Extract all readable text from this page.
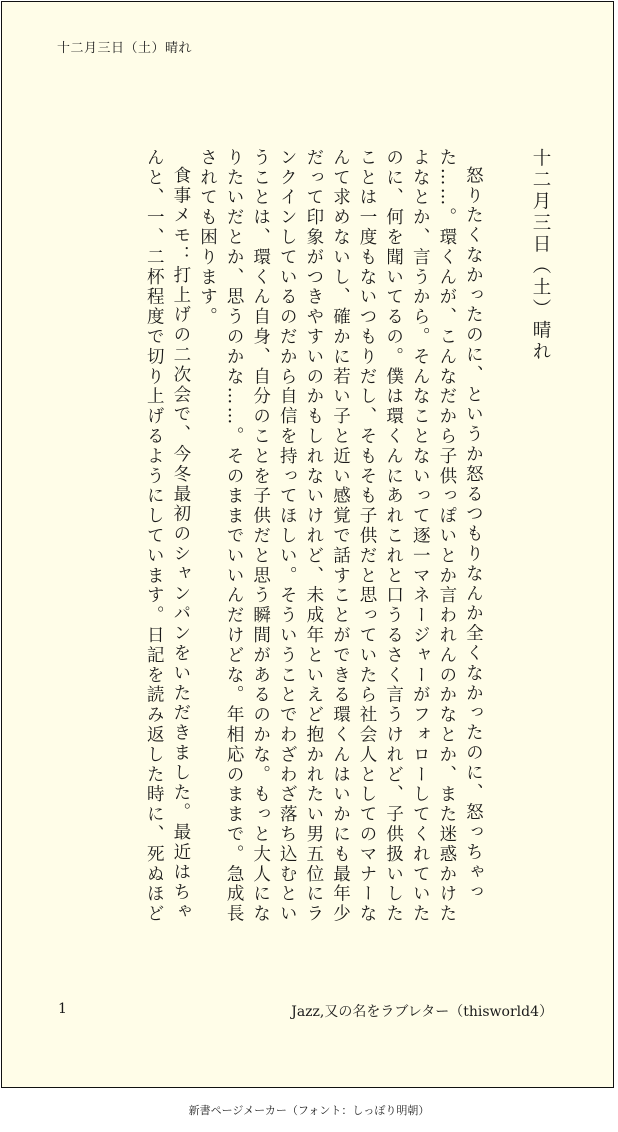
十二月三日（土）晴れ
十二月三日（土）晴れ

怒りたくなかったのに、というか怒るつもりなんか全くなかったのに、怒っちゃった……。環くんが、こんなだから子供っぽいとか言われんのかなとか、また迷惑かけたよなとか、言うから。そんなことないって逐一マネージャーがフォローしてくれていたのに、何を聞いてるの。僕は環くんにあれこれと口うるさく言うけれど、子供扱いしたことは一度もないつもりだし、そもそも子供だと思っていたら社会人としてのマナーなんて求めないし、確かに若い子と近い感覚で話すことができる環くんはいかにも最年少だって印象がつきやすいのかもしれないけれど、未成年といえど抱かれたい男五位にランクインしているのだから自信を持ってほしい。そういうことでわざわざ落ち込むということは、環くん自身、自分のことを子供だと思う瞬間があるのかな。もっと大人になりたいだとか、思うのかな……。そのままでいいんだけどな。年相応のままで。急成長されても困ります。

食事メモ：打上げの二次会で、今冬最初のシャンパンをいただきました。最近はちゃんと、一、二杯程度で切り上げるようにしています。日記を読み返した時に、死ぬほど

1	Jazz,又の名をラブレター（thisworld4）
新書ページメーカー（フォント：しっぽり明朝）
